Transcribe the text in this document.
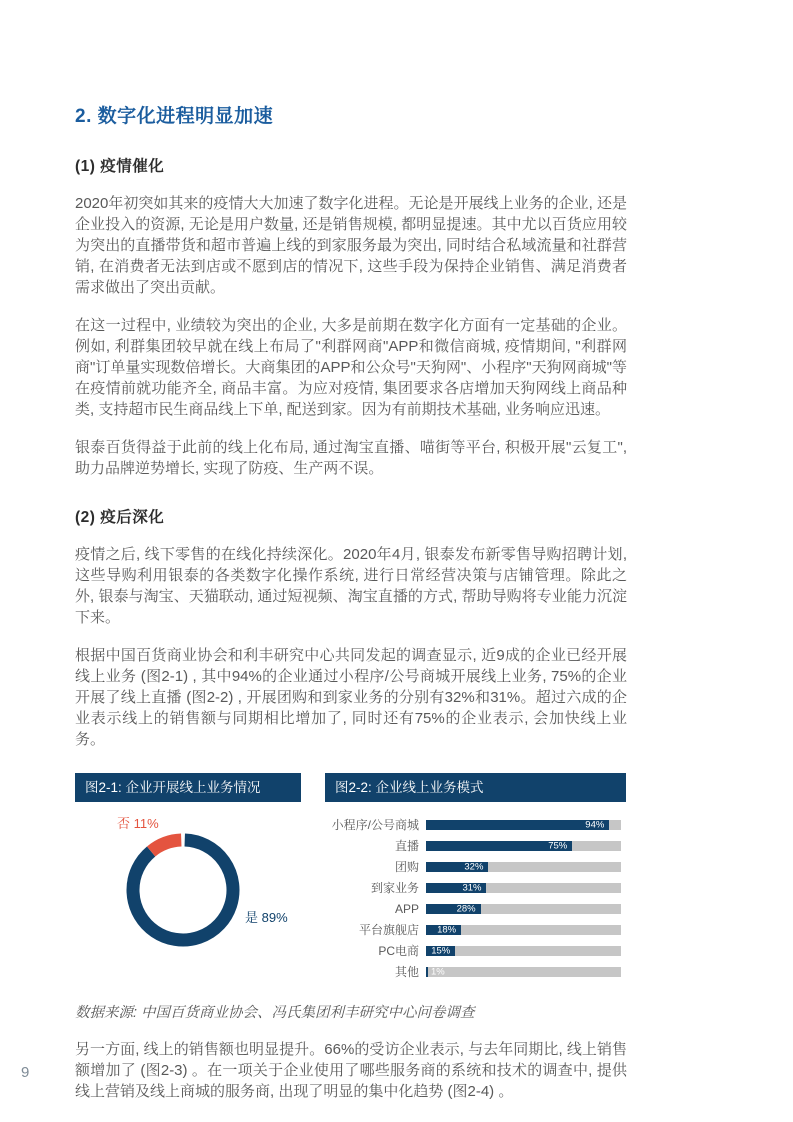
2. 数字化进程明显加速
(1) 疫情催化

2020年初突如其来的疫情大大加速了数字化进程。无论是开展线上业务的企业, 还是企业投入的资源, 无论是用户数量, 还是销售规模, 都明显提速。其中尤以百货应用较为突出的直播带货和超市普遍上线的到家服务最为突出, 同时结合私域流量和社群营销, 在消费者无法到店或不愿到店的情况下, 这些手段为保持企业销售、满足消费者需求做出了突出贡献。

在这一过程中, 业绩较为突出的企业, 大多是前期在数字化方面有一定基础的企业。例如, 利群集团较早就在线上布局了"利群网商"APP和微信商城, 疫情期间, "利群网商"订单量实现数倍增长。大商集团的APP和公众号"天狗网"、小程序"天狗网商城"等在疫情前就功能齐全, 商品丰富。为应对疫情, 集团要求各店增加天狗网线上商品种类, 支持超市民生商品线上下单, 配送到家。因为有前期技术基础, 业务响应迅速。

银泰百货得益于此前的线上化布局, 通过淘宝直播、喵街等平台, 积极开展"云复工", 助力品牌逆势增长, 实现了防疫、生产两不误。

(2) 疫后深化

疫情之后, 线下零售的在线化持续深化。2020年4月, 银泰发布新零售导购招聘计划, 这些导购利用银泰的各类数字化操作系统, 进行日常经营决策与店铺管理。除此之外, 银泰与淘宝、天猫联动, 通过短视频、淘宝直播的方式, 帮助导购将专业能力沉淀下来。

根据中国百货商业协会和利丰研究中心共同发起的调查显示, 近9成的企业已经开展线上业务 (图2-1) , 其中94%的企业通过小程序/公号商城开展线上业务, 75%的企业开展了线上直播 (图2-2) , 开展团购和到家业务的分别有32%和31%。超过六成的企业表示线上的销售额与同期相比增加了, 同时还有75%的企业表示, 会加快线上业务。

图2-1: 企业开展线上业务情况
否 11%
是 89%
图2-2: 企业线上业务模式
小程序/公号商城	94%
直播	75%
团购	32%
到家业务	31%
APP	28%
平台旗舰店	18%
PC电商	15%
其他	1%

数据来源: 中国百货商业协会、冯氏集团利丰研究中心问卷调查

另一方面, 线上的销售额也明显提升。66%的受访企业表示, 与去年同期比, 线上销售额增加了 (图2-3) 。在一项关于企业使用了哪些服务商的系统和技术的调查中, 提供线上营销及线上商城的服务商, 出现了明显的集中化趋势 (图2-4) 。

9
